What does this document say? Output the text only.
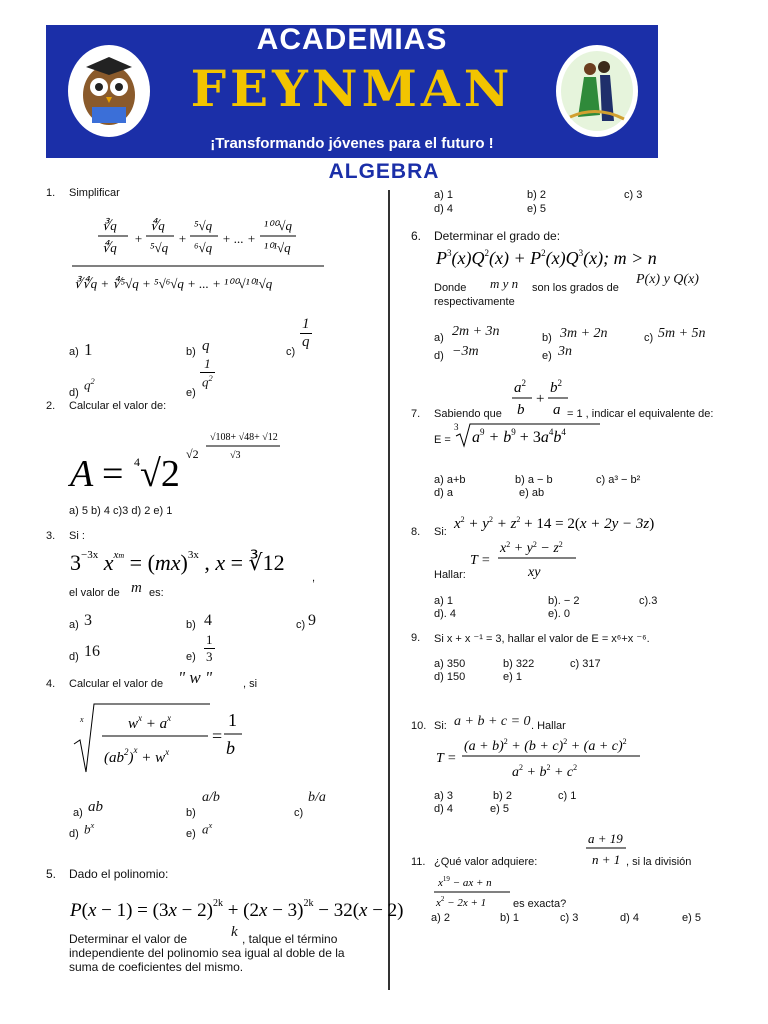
ACADEMIAS
FEYNMAN
¡Transformando jóvenes para el futuro !
ALGEBRA
1. Simplificar
∛q
∜q
+
∜q
⁵√q
+
⁵√q
⁶√q
+ ... +
¹⁰⁰√q
¹⁰¹√q
∛∜q + ∜⁵√q + ⁵√⁶√q + ... + ¹⁰⁰√¹⁰¹√q
a) 1	b) q	c)
$\frac{1}{q}$
d)
$q^2$
e)
$\frac{1}{q^2}$
2. Calcular el valor de:
A = 4 √2 √2
√108+ √48+ √12
√3
a) 5 b) 4 c)3 d) 2 e) 1
3. Si :
$3^{-3x}$ $x^{xm} = (mx)^{3x}$ , x = ∛12
,
el valor de m es:
a) 3	b) 4	c) 9
d) 16	$e) \frac{1}{3}$
4. Calcular el valor de " w "	, si
x	$w^x + a^x$
$(ab^2)^x + w^x$
=
1
b
a) ab	b)
a/b
c)
b/a
d) $b^x$
e) $a^x$
5. Dado el polinomio:
$P(x - 1) = (3x - 2)^{2k} + (2x - 3)^{2k} - 32(x - 2)$
Determinar el valor de	k , talque el término
independiente del polinomio sea igual al doble de la
suma de coeficientes del mismo.
a) 1	b) 2	c) 3
d) 4	e) 5
6. Determinar el grado de:
$P^3(x)Q^2(x) + P^2(x)Q^3(x)$; m > n
Donde m y n son los grados de
P(x) y Q(x)
respectivamente
a) 2m + 3n	b) 3m + 2n	c) 5m + 5n
d) −3m	e) 3n
7. Sabiendo que
$a^2$
b
+
$b^2$
a = 1 , indicar el equivalente de:
E =
3
$a^9 + b^9 + 3a^4b^4$
a) a+b	b) a − b	c) a³ − b²
d) a	e) ab
8. Si: $x^2 + y^2 + z^2 + 14 = 2(x + 2y - 3z)$
T =
$x^2 + y^2 - z^2$
xy
Hallar:
a) 1	b). − 2	c).3
d). 4	e). 0
9. Si x + x ⁻¹ = 3, hallar el valor de E = x⁶+x ⁻⁶.
a) 350	b) 322	c) 317
d) 150	e) 1
10. Si: a + b + c = 0 . Hallar
T =
$(a + b)^2 + (b + c)^2 + (a + c)^2$
$a^2 + b^2 + c^2$
a) 3	b) 2	c) 1
d) 4	e) 5
11. ¿Qué valor adquiere:
a + 19
n + 1 , si la división
$x^{19}$ − ax + n
$x^2 - 2x + 1$ es exacta?
a) 2	b) 1	c) 3	d) 4	e) 5
